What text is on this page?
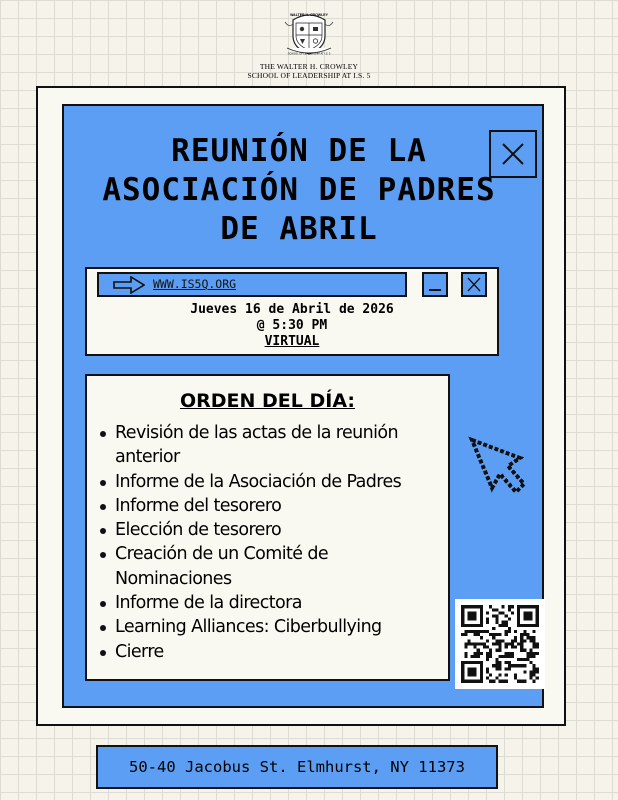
WALTER H. CROWLEY
SCHOOL OF LEADERSHIP AT I.S. 5
THE WALTER H. CROWLEY
SCHOOL OF LEADERSHIP AT I.S. 5
REUNIÓN DE LA
ASOCIACIÓN DE PADRES
DE ABRIL
WWW.IS5Q.ORG
Jueves 16 de Abril de 2026
@ 5:30 PM
VIRTUAL
ORDEN DEL DÍA:
Revisión de las actas de la reunión anterior
Informe de la Asociación de Padres
Informe del tesorero
Elección de tesorero
Creación de un Comité de Nominaciones
Informe de la directora
Learning Alliances: Ciberbullying
Cierre
50-40 Jacobus St. Elmhurst, NY 11373
